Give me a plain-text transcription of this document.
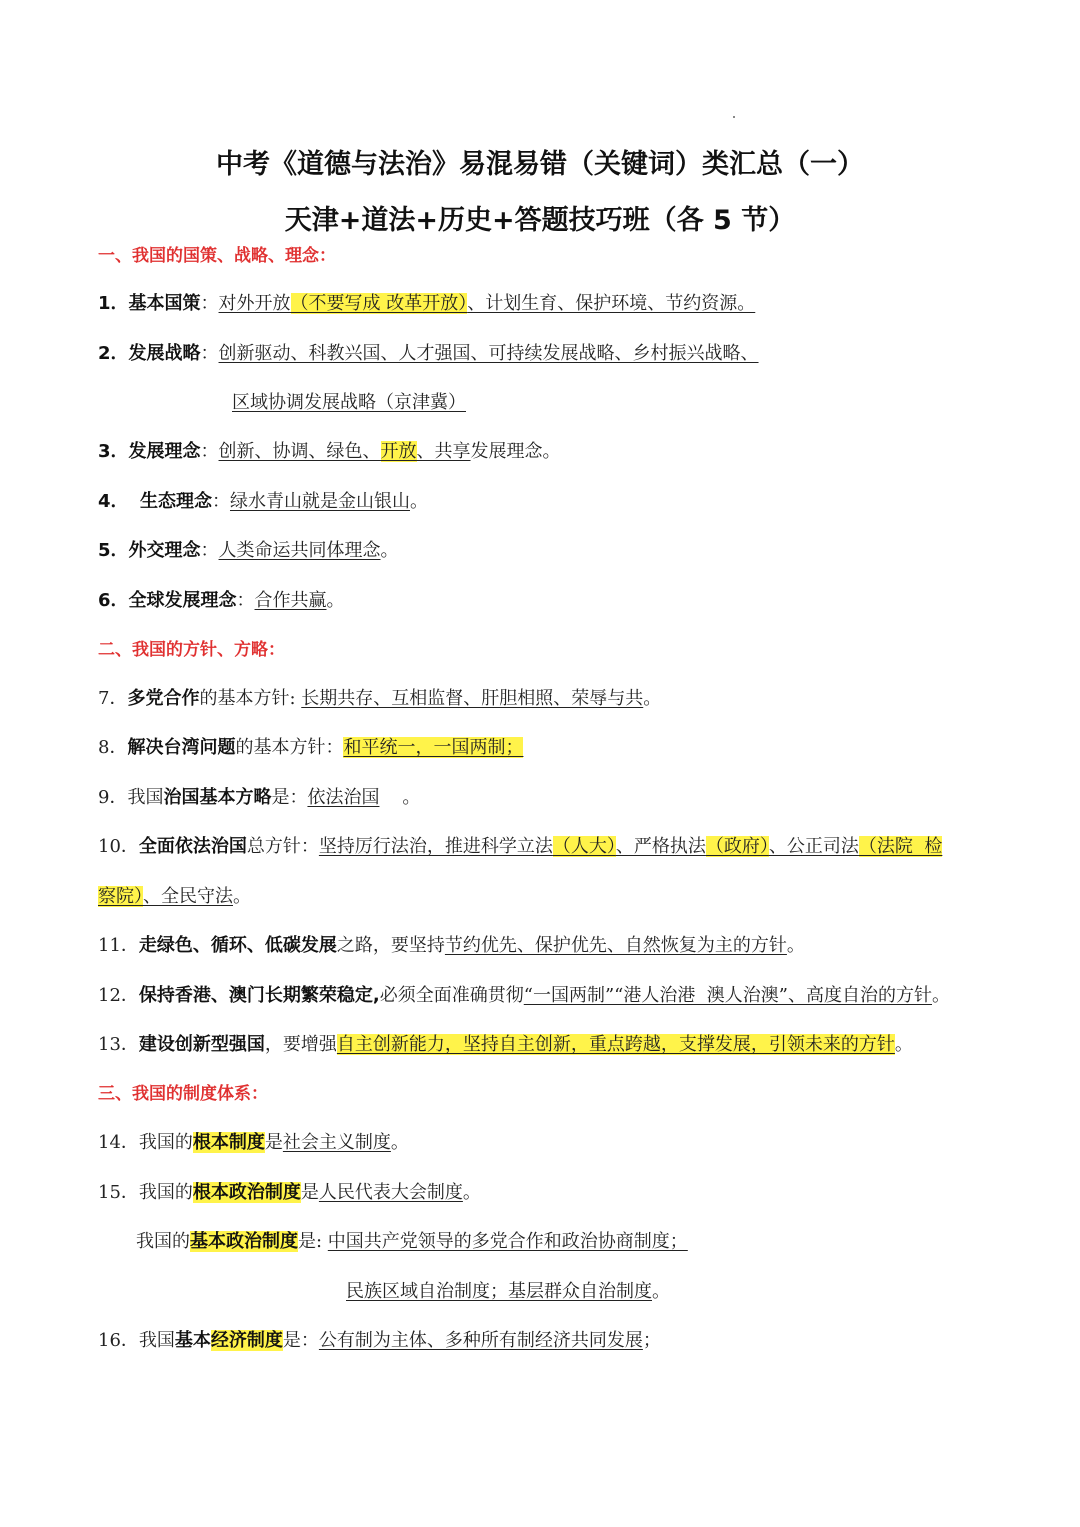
中考《道德与法治》易混易错（关键词）类汇总（一）
天津+道法+历史+答题技巧班（各 5 节）
一、我国的国策、战略、理念：
1．基本国策：对外开放（不要写成 改革开放）、计划生育、保护环境、节约资源。
2．发展战略：创新驱动、科教兴国、人才强国、可持续发展战略、乡村振兴战略、
区域协调发展战略（京津冀）
3．发展理念：创新、协调、绿色、开放、共享发展理念。
4． 生态理念：绿水青山就是金山银山。
5．外交理念：人类命运共同体理念。
6．全球发展理念：合作共赢。
二、我国的方针、方略：
7．多党合作的基本方针: 长期共存、互相监督、肝胆相照、荣辱与共。
8．解决台湾问题的基本方针：和平统一，一国两制；
9．我国治国基本方略是：依法治国    。
10．全面依法治国总方针：坚持厉行法治，推进科学立法（人大）、严格执法（政府）、公正司法（法院  检
察院）、全民守法。
11．走绿色、循环、低碳发展之路，要坚持节约优先、保护优先、自然恢复为主的方针。
12．保持香港、澳门长期繁荣稳定,必须全面准确贯彻“一国两制”“港人治港  澳人治澳”、高度自治的方针。
13．建设创新型强国，要增强自主创新能力，坚持自主创新，重点跨越，支撑发展，引领未来的方针。
三、我国的制度体系：
14．我国的根本制度是社会主义制度。
15．我国的根本政治制度是人民代表大会制度。
我国的基本政治制度是: 中国共产党领导的多党合作和政治协商制度；
民族区域自治制度；基层群众自治制度。
16．我国基本经济制度是：公有制为主体、多种所有制经济共同发展；
